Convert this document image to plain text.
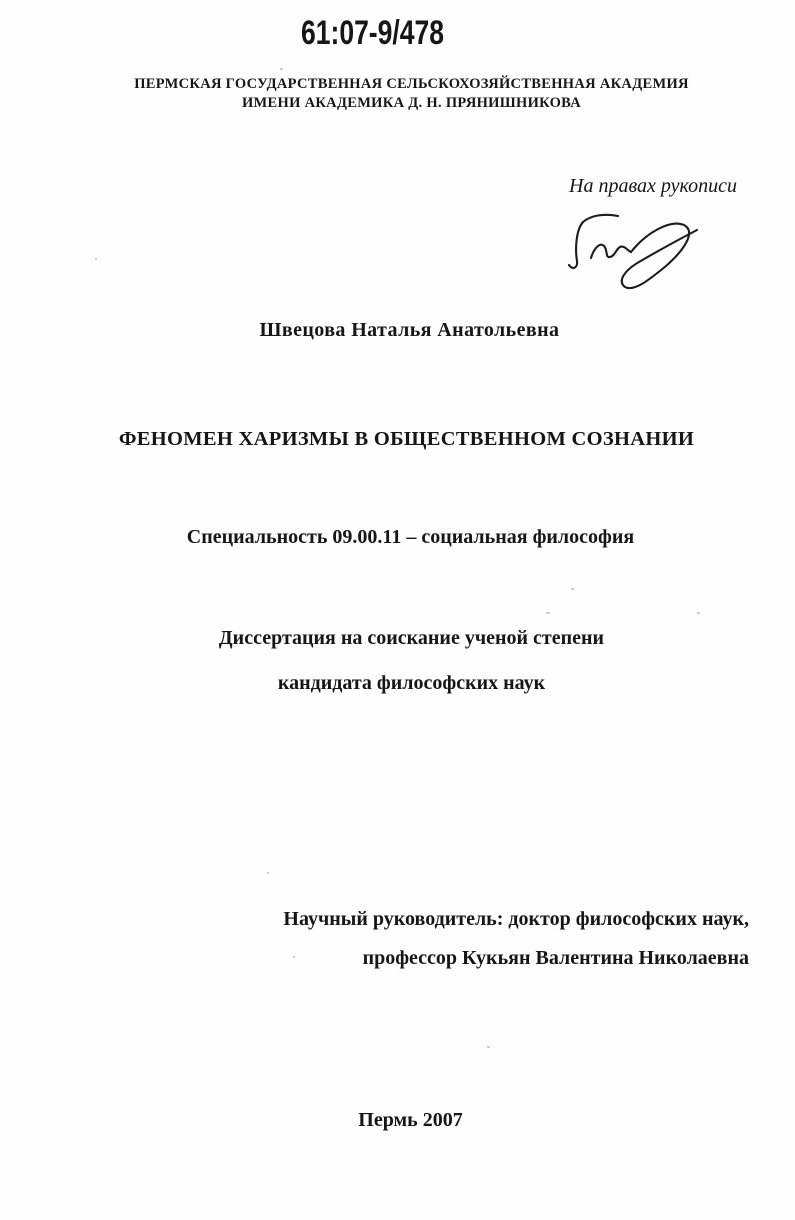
61:07-9/478
ПЕРМСКАЯ ГОСУДАРСТВЕННАЯ СЕЛЬСКОХОЗЯЙСТВЕННАЯ АКАДЕМИЯ
ИМЕНИ АКАДЕМИКА Д. Н. ПРЯНИШНИКОВА
На правах рукописи
Швецова Наталья Анатольевна
ФЕНОМЕН ХАРИЗМЫ В ОБЩЕСТВЕННОМ СОЗНАНИИ
Специальность 09.00.11 – социальная философия
Диссертация на соискание ученой степени
кандидата философских наук
Научный руководитель: доктор философских наук,
профессор Кукьян Валентина Николаевна
Пермь 2007
